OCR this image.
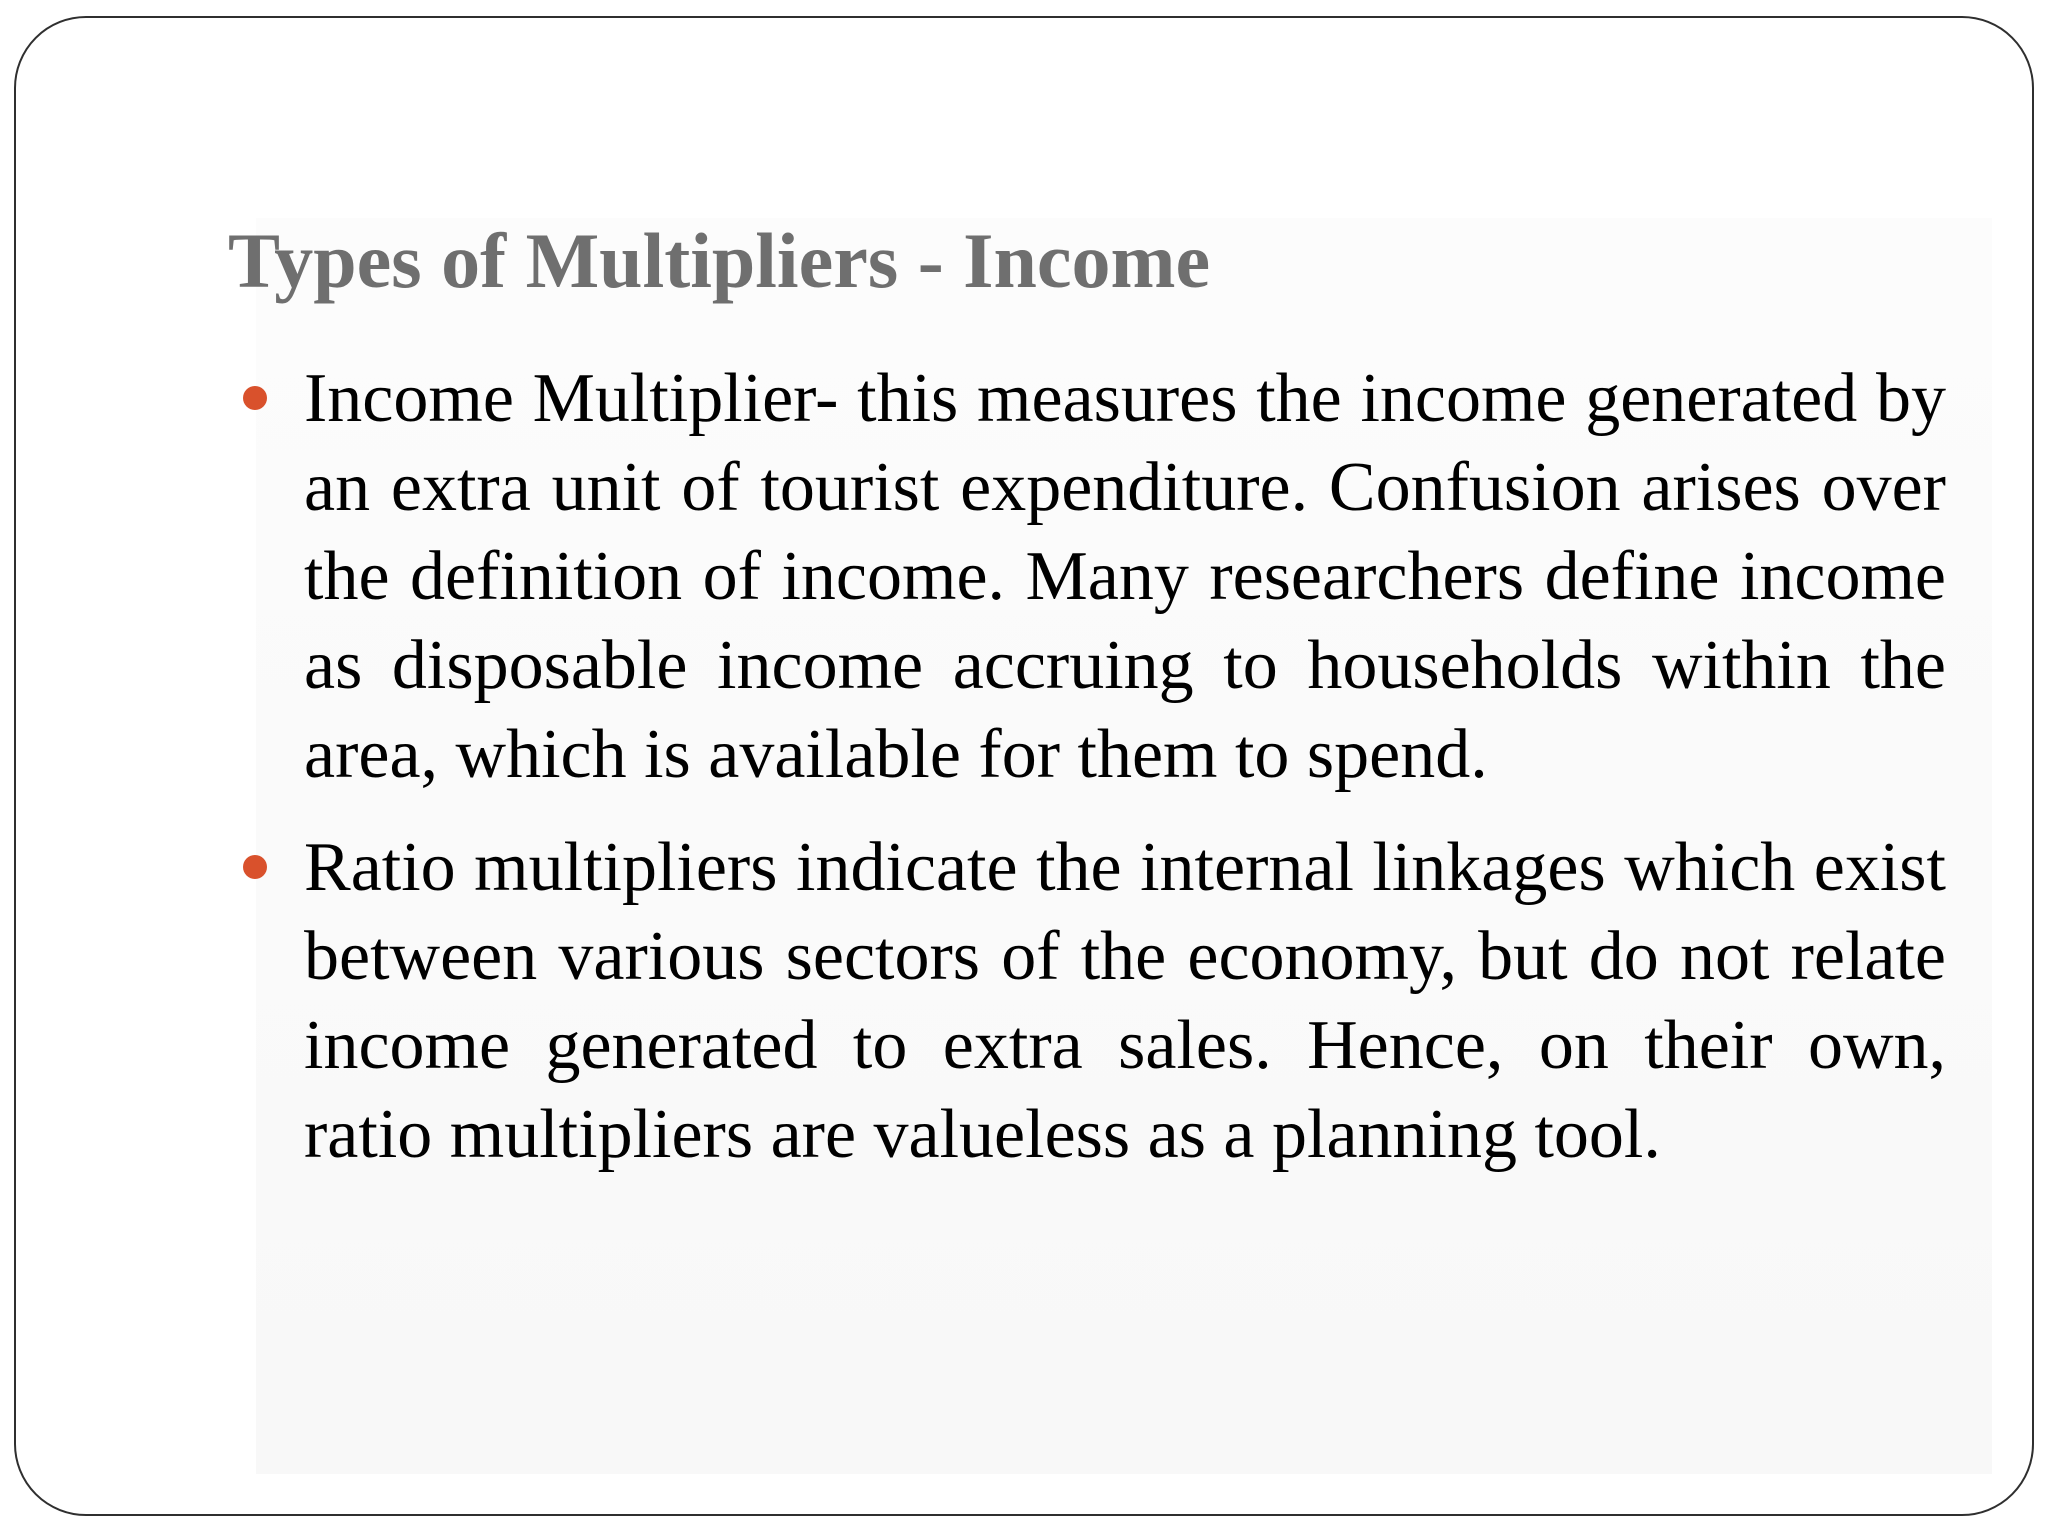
Types of Multipliers - Income
Income Multiplier- this measures the income generated by an extra unit of tourist expenditure. Confusion arises over the definition of income. Many researchers define income as disposable income accruing to households within the area, which is available for them to spend.
Ratio multipliers indicate the internal linkages which exist between various sectors of the economy, but do not relate income generated to extra sales. Hence, on their own, ratio multipliers are valueless as a planning tool.
